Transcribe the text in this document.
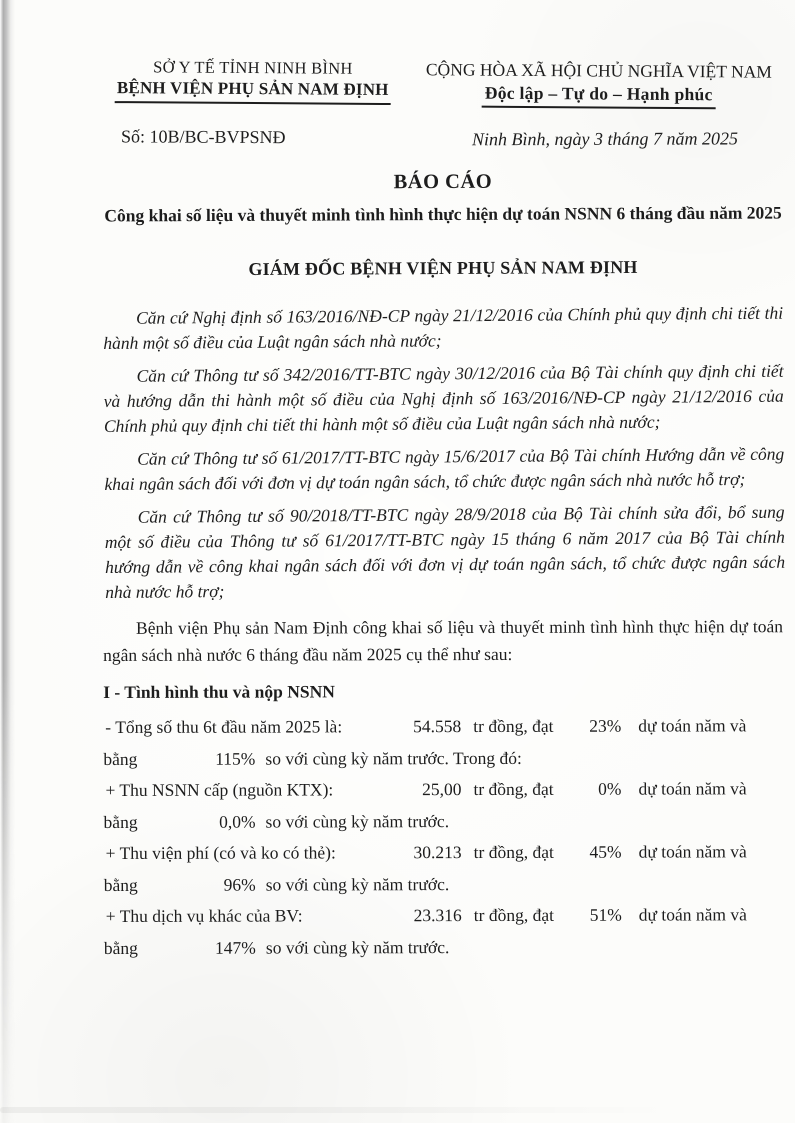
SỞ Y TẾ TỈNH NINH BÌNH
BỆNH VIỆN PHỤ SẢN NAM ĐỊNH
CỘNG HÒA XÃ HỘI CHỦ NGHĨA VIỆT NAM
Độc lập – Tự do – Hạnh phúc
Số: 10B/BC-BVPSNĐ	Ninh Bình, ngày 3 tháng 7 năm 2025
BÁO CÁO
Công khai số liệu và thuyết minh tình hình thực hiện dự toán NSNN 6 tháng đầu năm 2025
GIÁM ĐỐC BỆNH VIỆN PHỤ SẢN NAM ĐỊNH

Căn cứ Nghị định số 163/2016/NĐ-CP ngày 21/12/2016 của Chính phủ quy định chi tiết thi hành một số điều của Luật ngân sách nhà nước;

Căn cứ Thông tư số 342/2016/TT-BTC ngày 30/12/2016 của Bộ Tài chính quy định chi tiết và hướng dẫn thi hành một số điều của Nghị định số 163/2016/NĐ-CP ngày 21/12/2016 của Chính phủ quy định chi tiết thi hành một số điều của Luật ngân sách nhà nước;

Căn cứ Thông tư số 61/2017/TT-BTC ngày 15/6/2017 của Bộ Tài chính Hướng dẫn về công khai ngân sách đối với đơn vị dự toán ngân sách, tổ chức được ngân sách nhà nước hỗ trợ;

Căn cứ Thông tư số 90/2018/TT-BTC ngày 28/9/2018 của Bộ Tài chính sửa đổi, bổ sung một số điều của Thông tư số 61/2017/TT-BTC ngày 15 tháng 6 năm 2017 của Bộ Tài chính hướng dẫn về công khai ngân sách đối với đơn vị dự toán ngân sách, tổ chức được ngân sách nhà nước hỗ trợ;

Bệnh viện Phụ sản Nam Định công khai số liệu và thuyết minh tình hình thực hiện dự toán ngân sách nhà nước 6 tháng đầu năm 2025 cụ thể như sau:

I - Tình hình thu và nộp NSNN
- Tổng số thu 6t đầu năm 2025 là:	54.558 tr đồng, đạt	23% dự toán năm và
bằng	115% so với cùng kỳ năm trước. Trong đó:
+ Thu NSNN cấp (nguồn KTX):	25,00 tr đồng, đạt	0% dự toán năm và
bằng	0,0% so với cùng kỳ năm trước.
+ Thu viện phí (có và ko có thẻ):	30.213 tr đồng, đạt	45% dự toán năm và
bằng	96% so với cùng kỳ năm trước.
+ Thu dịch vụ khác của BV:	23.316 tr đồng, đạt	51% dự toán năm và
bằng	147% so với cùng kỳ năm trước.
